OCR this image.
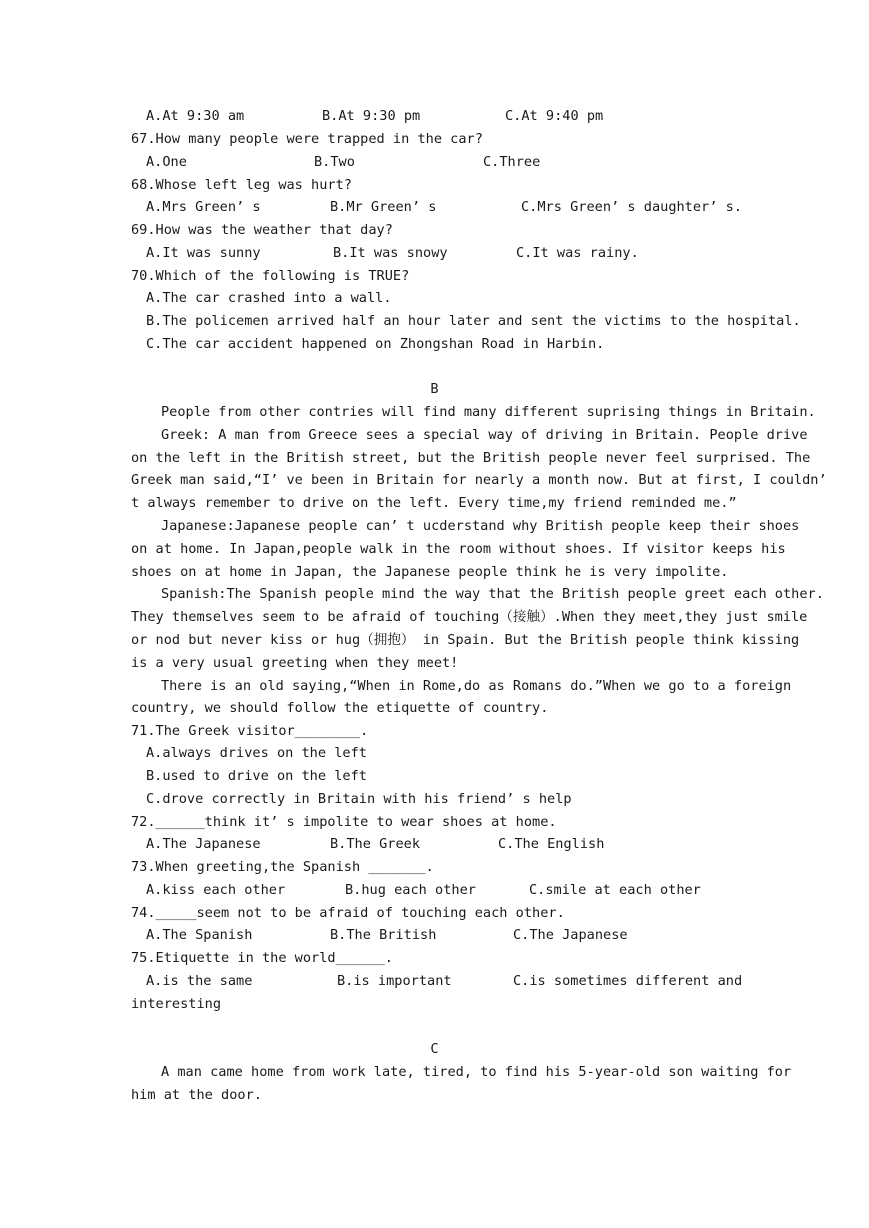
A.At 9:30 am

	B.At 9:30 pm

	C.At 9:40 pm

67.How many people were trapped in the car?

A.One

	B.Two

	C.Three

68.Whose left leg was hurt?

A.Mrs Green’ s

	B.Mr Green’ s

	C.Mrs Green’ s daughter’ s.

69.How was the weather that day?

A.It was sunny

	B.It was snowy

	C.It was rainy.

70.Which of the following is TRUE?
A.The car crashed into a wall.
B.The policemen arrived half an hour later and sent the victims to the hospital.
C.The car accident happened on Zhongshan Road in Harbin.
B
People from other contries will find many different suprising things in Britain.
Greek: A man from Greece sees a special way of driving in Britain. People drive
on the left in the British street, but the British people never feel surprised. The
Greek man said,“I’ ve been in Britain for nearly a month now. But at first, I couldn’
t always remember to drive on the left. Every time,my friend reminded me.”
Japanese:Japanese people can’ t ucderstand why British people keep their shoes
on at home. In Japan,people walk in the room without shoes. If visitor keeps his
shoes on at home in Japan, the Japanese people think he is very impolite.
Spanish:The Spanish people mind the way that the British people greet each other.
They themselves seem to be afraid of touching（接触）.When they meet,they just smile
or nod but never kiss or hug（拥抱） in Spain. But the British people think kissing
is a very usual greeting when they meet!
There is an old saying,“When in Rome,do as Romans do.”When we go to a foreign
country, we should follow the etiquette of country.
71.The Greek visitor________.
A.always drives on the left
B.used to drive on the left
C.drove correctly in Britain with his friend’ s help
72.______think it’ s impolite to wear shoes at home.

A.The Japanese

	B.The Greek

	C.The English

73.When greeting,the Spanish _______.

A.kiss each other

	B.hug each other

	C.smile at each other

74._____seem not to be afraid of touching each other.

A.The Spanish

	B.The British

	C.The Japanese

75.Etiquette in the world______.

A.is the same

	B.is important

	C.is sometimes different and

interesting
C
A man came home from work late, tired, to find his 5-year-old son waiting for
him at the door.
